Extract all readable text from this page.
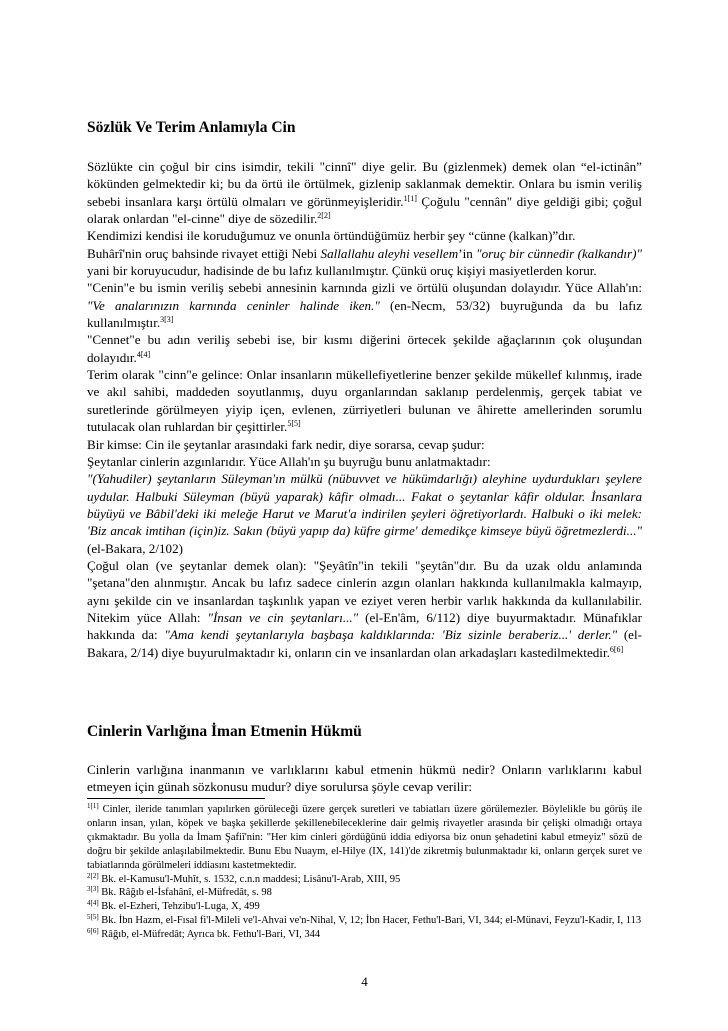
Sözlük Ve Terim Anlamıyla Cin

Sözlükte cin çoğul bir cins isimdir, tekili "cinnî" diye gelir. Bu (gizlenmek) demek olan “el-ictinân” kökünden gelmektedir ki; bu da örtü ile örtülmek, gizlenip saklanmak demektir. Onlara bu ismin veriliş sebebi insanlara karşı örtülü olmaları ve görünmeyişleridir.$^{1[1]}$ Çoğulu "cennân" diye geldiği gibi; çoğul olarak onlardan "el-cinne" diye de sözedilir.$^{2[2]}$

Kendimizi kendisi ile koruduğumuz ve onunla örtündüğümüz herbir şey “cünne (kalkan)”dır.

Buhârî'nin oruç bahsinde rivayet ettiği Nebi Sallallahu aleyhi vesellem’in "oruç bir cünnedir (kalkandır)" yani bir koruyucudur, hadisinde de bu lafız kullanılmıştır. Çünkü oruç kişiyi masiyetlerden korur.

"Cenin"e bu ismin veriliş sebebi annesinin karnında gizli ve örtülü oluşundan dolayıdır. Yüce Allah'ın: "Ve analarınızın karnında ceninler halinde iken." (en-Necm, 53/32) buyruğunda da bu lafız kullanılmıştır.$^{3[3]}$

"Cennet"e bu adın veriliş sebebi ise, bir kısmı diğerini örtecek şekilde ağaçlarının çok oluşundan dolayıdır.$^{4[4]}$

Terim olarak "cinn"e gelince: Onlar insanların mükellefiyetlerine benzer şekilde mükellef kılınmış, irade ve akıl sahibi, maddeden soyutlanmış, duyu organlarından saklanıp perdelenmiş, gerçek tabiat ve suretlerinde görülmeyen yiyip içen, evlenen, zürriyetleri bulunan ve âhirette amellerinden sorumlu tutulacak olan ruhlardan bir çeşittirler.$^{5[5]}$

Bir kimse: Cin ile şeytanlar arasındaki fark nedir, diye sorarsa, cevap şudur:

Şeytanlar cinlerin azgınlarıdır. Yüce Allah'ın şu buyruğu bunu anlatmaktadır:

"(Yahudiler) şeytanların Süleyman'ın mülkü (nübuvvet ve hükümdarlığı) aleyhine uydurdukları şeylere uydular. Halbuki Süleyman (büyü yaparak) kâfir olmadı... Fakat o şeytanlar kâfir oldular. İnsanlara büyüyü ve Bâbil'deki iki meleğe Harut ve Marut'a indirilen şeyleri öğretiyorlardı. Halbuki o iki melek: 'Biz ancak imtihan (için)iz. Sakın (büyü yapıp da) küfre girme' demedikçe kimseye büyü öğretmezlerdi..." (el-Bakara, 2/102)

Çoğul olan (ve şeytanlar demek olan): "Şeyâtîn"in tekili "şeytân"dır. Bu da uzak oldu anlamında "şetana"den alınmıştır. Ancak bu lafız sadece cinlerin azgın olanları hakkında kullanılmakla kalmayıp, aynı şekilde cin ve insanlardan taşkınlık yapan ve eziyet veren herbir varlık hakkında da kullanılabilir. Nitekim yüce Allah: "İnsan ve cin şeytanları..." (el-En'âm, 6/112) diye buyurmaktadır. Münafıklar hakkında da: "Ama kendi şeytanlarıyla başbaşa kaldıklarında: 'Biz sizinle beraberiz...' derler." (el-Bakara, 2/14) diye buyurulmaktadır ki, onların cin ve insanlardan olan arkadaşları kastedilmektedir.$^{6[6]}$

Cinlerin Varlığına İman Etmenin Hükmü

Cinlerin varlığına inanmanın ve varlıklarını kabul etmenin hükmü nedir? Onların varlıklarını kabul etmeyen için günah sözkonusu mudur? diye sorulursa şöyle cevap verilir:

$^{1[1]}$ Cinler, ileride tanımları yapılırken görüleceği üzere gerçek suretleri ve tabiatları üzere görülemezler. Böylelikle bu görüş ile onların insan, yılan, köpek ve başka şekillerde şekillenebileceklerine dair gelmiş rivayetler arasında bir çelişki olmadığı ortaya çıkmaktadır. Bu yolla da İmam Şafiî'nin: "Her kim cinleri gördüğünü iddia ediyorsa biz onun şehadetini kabul etmeyiz" sözü de doğru bir şekilde anlaşılabilmektedir. Bunu Ebu Nuaym, el-Hilye (IX, 141)'de zikretmiş bulunmaktadır ki, onların gerçek suret ve tabiatlarında görülmeleri iddiasını kastetmektedir.

$^{2[2]}$ Bk. el-Kamusu'l-Muhît, s. 1532, c.n.n maddesi; Lisânu'l-Arab, XIII, 95

$^{3[3]}$ Bk. Râğıb el-İsfahânî, el-Müfredât, s. 98

$^{4[4]}$ Bk. el-Ezheri, Tehzibu'l-Luga, X, 499

$^{5[5]}$ Bk. İbn Hazm, el-Fısal fi'l-Mileli ve'l-Ahvai ve'n-Nihal, V, 12; İbn Hacer, Fethu'l-Bari, VI, 344; el-Münavi, Feyzu'l-Kadir, I, 113

$^{6[6]}$ Râğıb, el-Müfredât; Ayrıca bk. Fethu'l-Bari, VI, 344

4
